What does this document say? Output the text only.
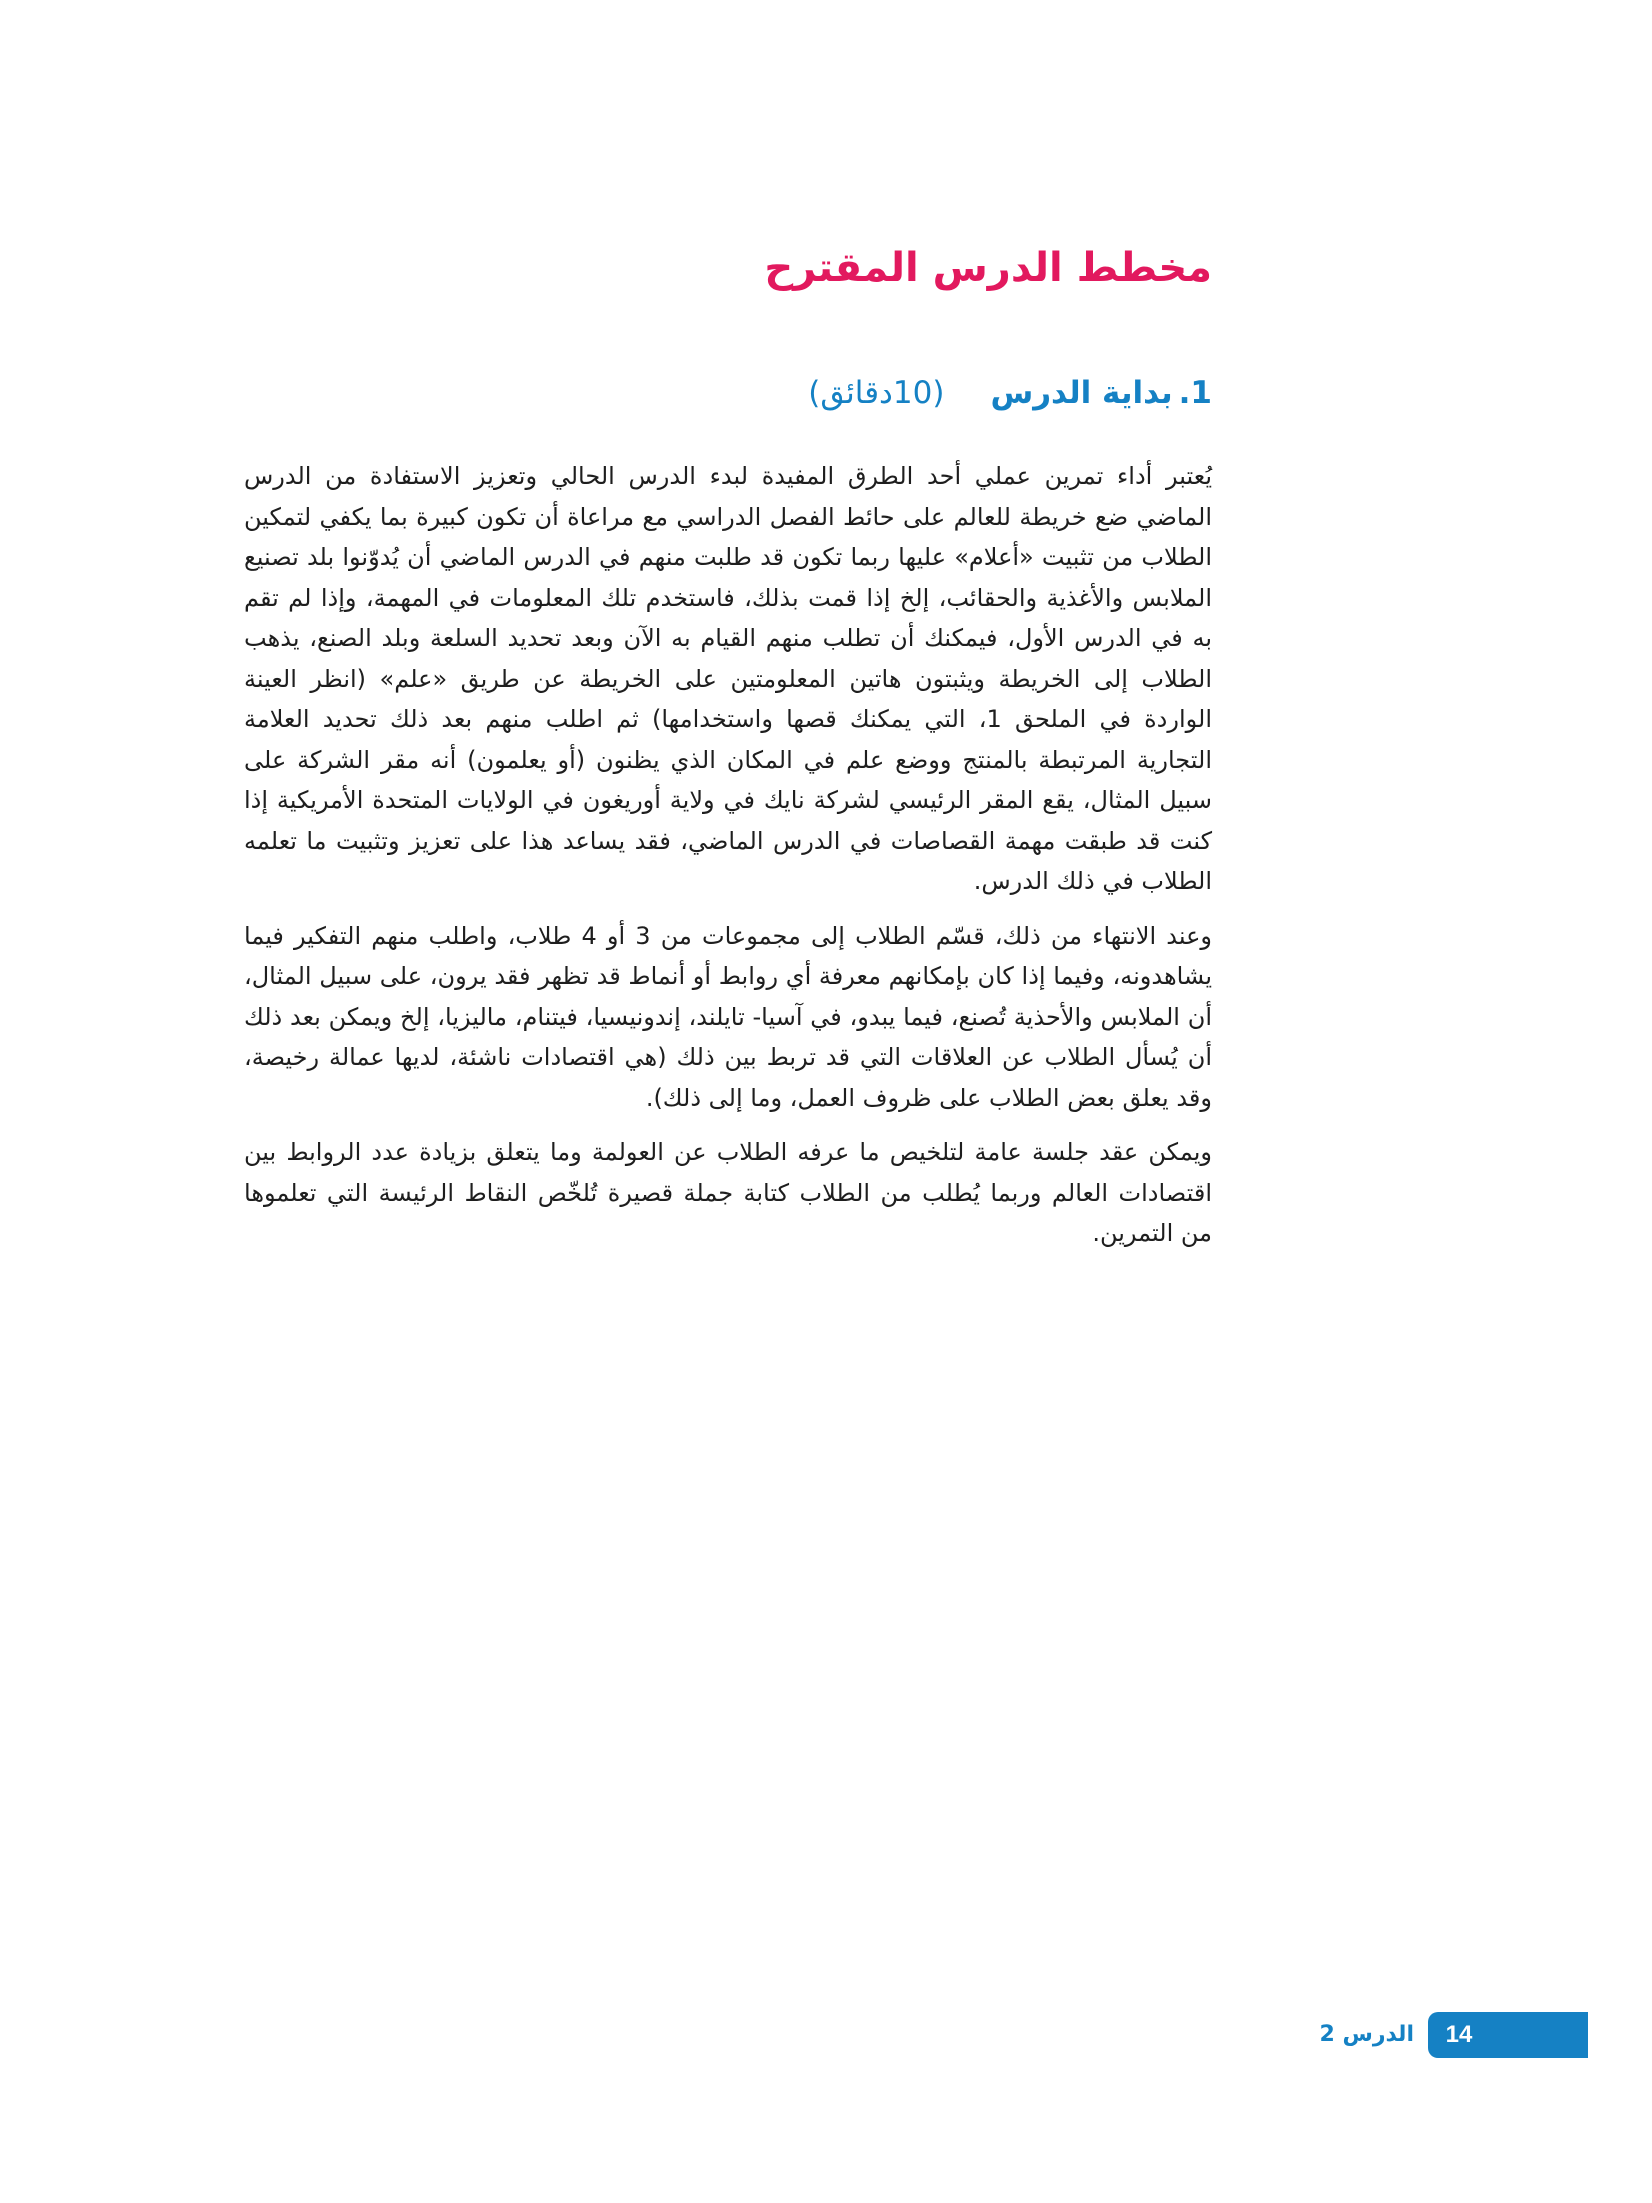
مخطط الدرس المقترح
1.بداية الدرس(10دقائق)

يُعتبر أداء تمرين عملي أحد الطرق المفيدة لبدء الدرس الحالي وتعزيز الاستفادة من الدرس الماضي ضع خريطة للعالم على حائط الفصل الدراسي مع مراعاة أن تكون كبيرة بما يكفي لتمكين الطلاب من تثبيت «أعلام» عليها ربما تكون قد طلبت منهم في الدرس الماضي أن يُدوّنوا بلد تصنيع الملابس والأغذية والحقائب، إلخ إذا قمت بذلك، فاستخدم تلك المعلومات في المهمة، وإذا لم تقم به في الدرس الأول، فيمكنك أن تطلب منهم القيام به الآن وبعد تحديد السلعة وبلد الصنع، يذهب الطلاب إلى الخريطة ويثبتون هاتين المعلومتين على الخريطة عن طريق «علم» (انظر العينة الواردة في الملحق 1، التي يمكنك قصها واستخدامها) ثم اطلب منهم بعد ذلك تحديد العلامة التجارية المرتبطة بالمنتج ووضع علم في المكان الذي يظنون (أو يعلمون) أنه مقر الشركة على سبيل المثال، يقع المقر الرئيسي لشركة نايك في ولاية أوريغون في الولايات المتحدة الأمريكية إذا كنت قد طبقت مهمة القصاصات في الدرس الماضي، فقد يساعد هذا على تعزيز وتثبيت ما تعلمه الطلاب في ذلك الدرس.

وعند الانتهاء من ذلك، قسّم الطلاب إلى مجموعات من 3 أو 4 طلاب، واطلب منهم التفكير فيما يشاهدونه، وفيما إذا كان بإمكانهم معرفة أي روابط أو أنماط قد تظهر فقد يرون، على سبيل المثال، أن الملابس والأحذية تُصنع، فيما يبدو، في آسيا- تايلند، إندونيسيا، فيتنام، ماليزيا، إلخ ويمكن بعد ذلك أن يُسأل الطلاب عن العلاقات التي قد تربط بين ذلك (هي اقتصادات ناشئة، لديها عمالة رخيصة، وقد يعلق بعض الطلاب على ظروف العمل، وما إلى ذلك).

ويمكن عقد جلسة عامة لتلخيص ما عرفه الطلاب عن العولمة وما يتعلق بزيادة عدد الروابط بين اقتصادات العالم وربما يُطلب من الطلاب كتابة جملة قصيرة تُلخّص النقاط الرئيسة التي تعلموها من التمرين.

14
الدرس 2
